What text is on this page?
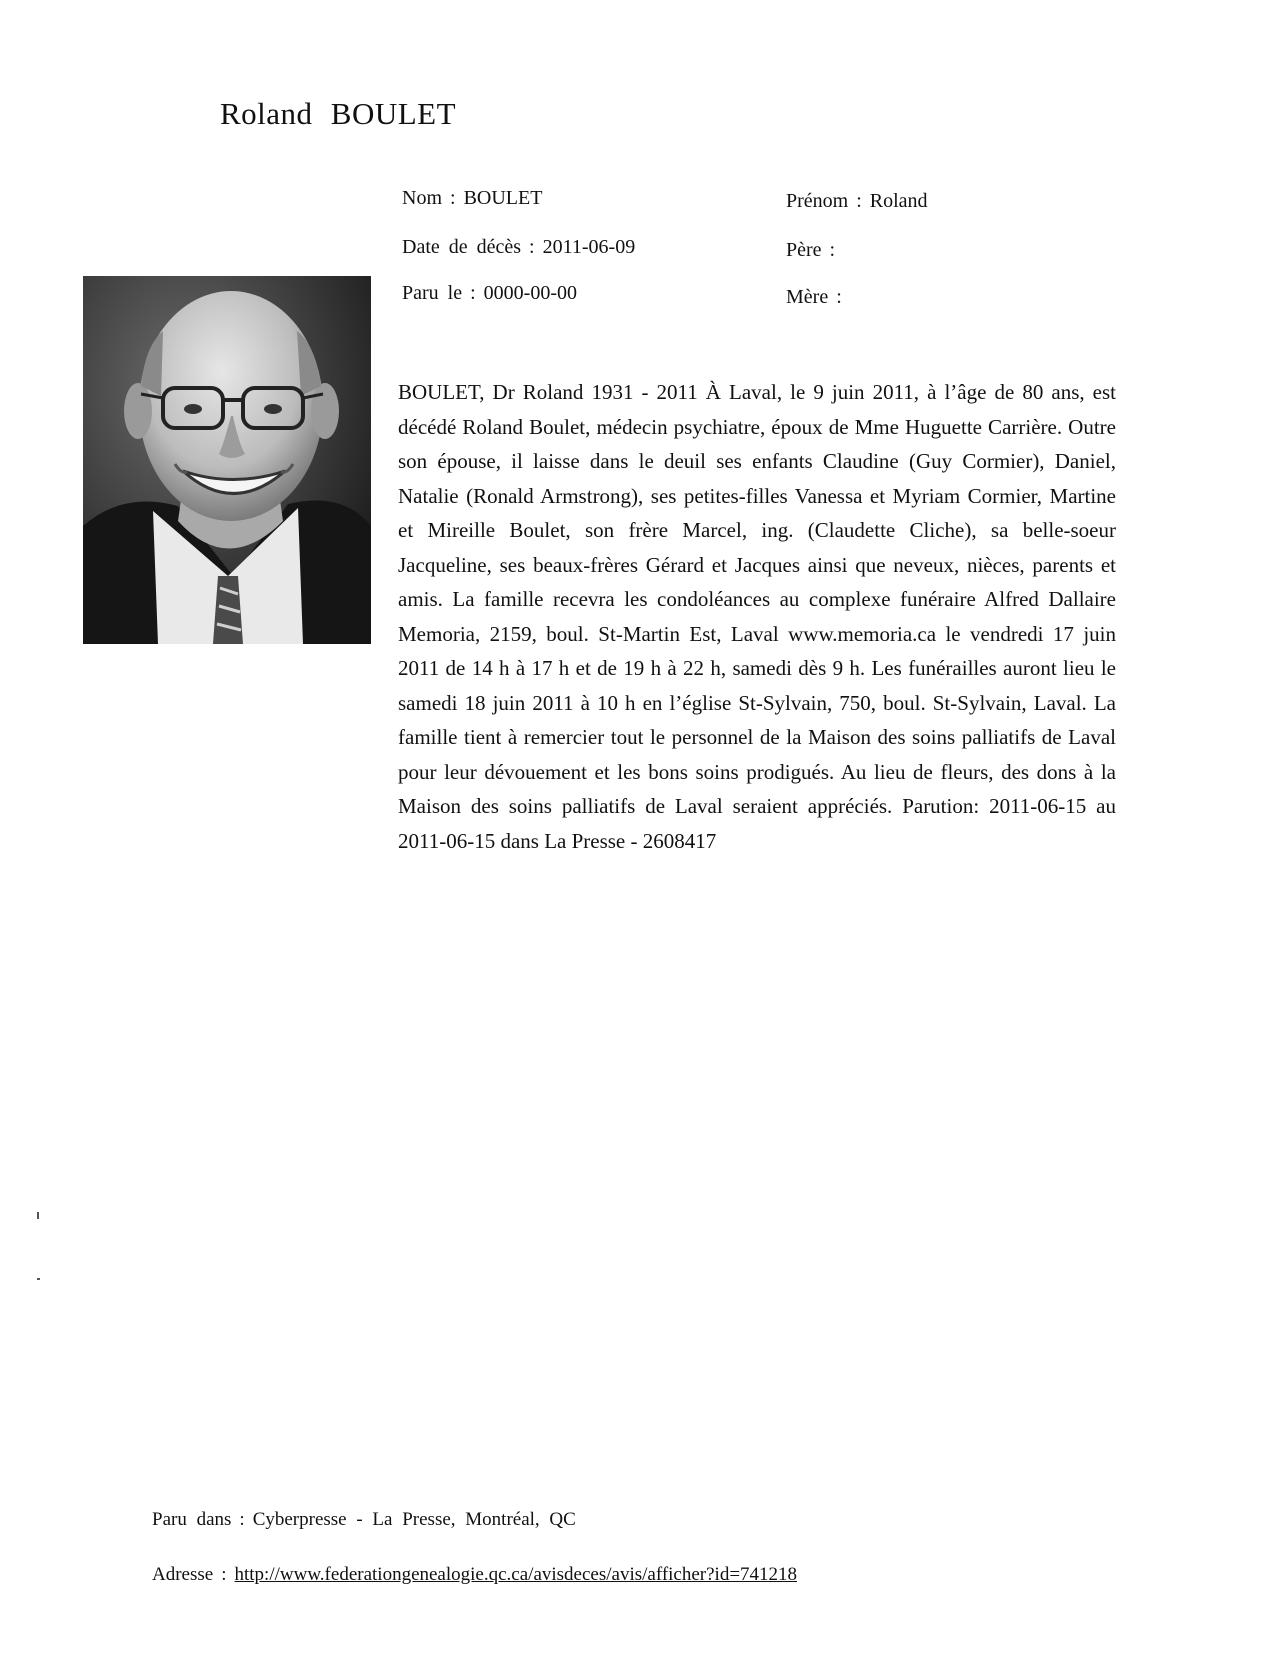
Roland BOULET
Nom : BOULET
Date de décès : 2011-06-09
Paru le : 0000-00-00
Prénom : Roland
Père :
Mère :
BOULET, Dr Roland 1931 - 2011 À Laval, le 9 juin 2011, à l’âge de 80 ans, est décédé Roland Boulet, médecin psychiatre, époux de Mme Huguette Carrière. Outre son épouse, il laisse dans le deuil ses enfants Claudine (Guy Cormier), Daniel, Natalie (Ronald Armstrong), ses petites-filles Vanessa et Myriam Cormier, Martine et Mireille Boulet, son frère Marcel, ing. (Claudette Cliche), sa belle-soeur Jacqueline, ses beaux-frères Gérard et Jacques ainsi que neveux, nièces, parents et amis. La famille recevra les condoléances au complexe funéraire Alfred Dallaire Memoria, 2159, boul. St-Martin Est, Laval www.memoria.ca le vendredi 17 juin 2011 de 14 h à 17 h et de 19 h à 22 h, samedi dès 9 h. Les funérailles auront lieu le samedi 18 juin 2011 à 10 h en l’église St-Sylvain, 750, boul. St-Sylvain, Laval. La famille tient à remercier tout le personnel de la Maison des soins palliatifs de Laval pour leur dévouement et les bons soins prodigués. Au lieu de fleurs, des dons à la Maison des soins palliatifs de Laval seraient appréciés. Parution: 2011-06-15 au 2011-06-15 dans La Presse - 2608417
Paru dans : Cyberpresse - La Presse, Montréal, QC
Adresse : http://www.federationgenealogie.qc.ca/avisdeces/avis/afficher?id=741218
